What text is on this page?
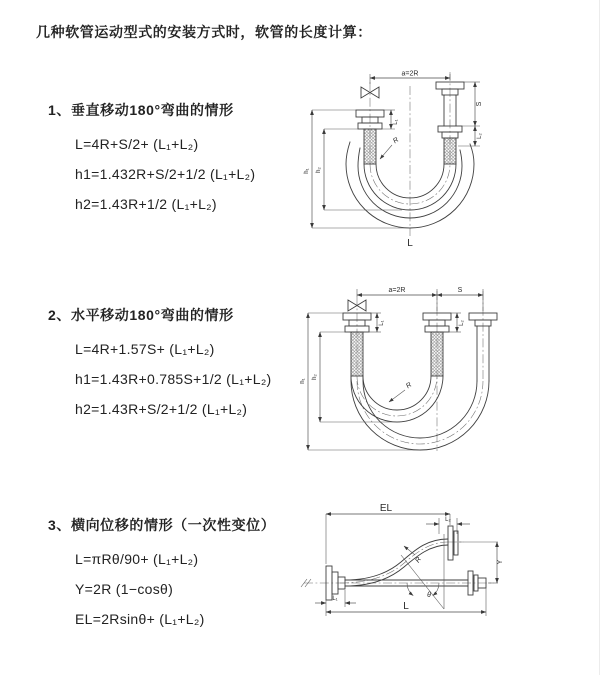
几种软管运动型式的安装方式时，软管的长度计算：
1、垂直移动180°弯曲的情形

L=4R+S/2+ (L₁+L₂)

h1=1.432R+S/2+1/2 (L₁+L₂)

h2=1.43R+1/2 (L₁+L₂)

a=2R
L₁
S
L₂
h₁ h₂
R
L
2、水平移动180°弯曲的情形

L=4R+1.57S+ (L₁+L₂)

h1=1.43R+0.785S+1/2 (L₁+L₂)

h2=1.43R+S/2+1/2 (L₁+L₂)

a=2R	S
L₁	L₂
h₁
h₂
R
3、横向位移的情形（一次性变位）

L=πRθ/90+ (L₁+L₂)

Y=2R (1−cosθ)

EL=2Rsinθ+ (L₁+L₂)

θ
EL
L₂
Y
L
L₁
R
